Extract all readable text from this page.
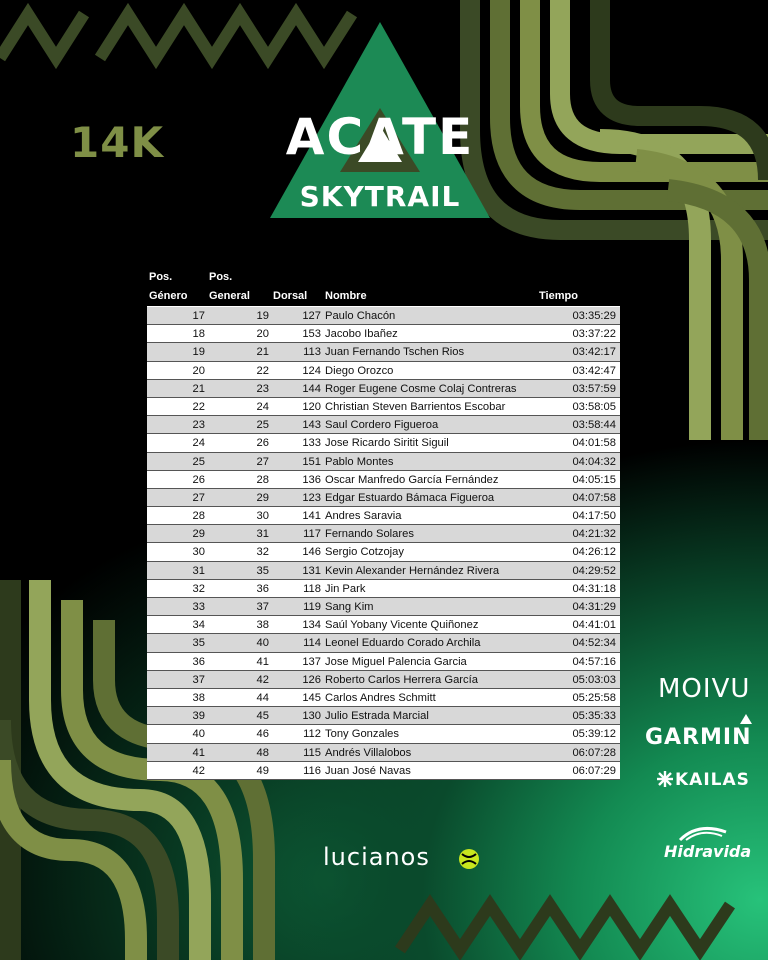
14K	ACATE
SKYTRAIL
Pos.
Género
Pos.
General Dorsal Nombre	Tiempo
17	19	127 Paulo Chacón	03:35:29
18	20	153 Jacobo Ibañez	03:37:22
19	21	113 Juan Fernando Tschen Rios	03:42:17
20	22	124 Diego Orozco	03:42:47
21	23	144 Roger Eugene Cosme Colaj Contreras	03:57:59
22	24	120 Christian Steven Barrientos Escobar	03:58:05
23	25	143 Saul Cordero Figueroa	03:58:44
24	26	133 Jose Ricardo Siritit Siguil	04:01:58
25	27	151 Pablo Montes	04:04:32
26	28	136 Oscar Manfredo García Fernández	04:05:15
27	29	123 Edgar Estuardo Bámaca Figueroa	04:07:58
28	30	141 Andres Saravia	04:17:50
29	31	117 Fernando Solares	04:21:32
30	32	146 Sergio Cotzojay	04:26:12
31	35	131 Kevin Alexander Hernández Rivera	04:29:52
32	36	118 Jin Park	04:31:18
33	37	119 Sang Kim	04:31:29
34	38	134 Saúl Yobany Vicente Quiñonez	04:41:01
35	40	114 Leonel Eduardo Corado Archila	04:52:34
36	41	137 Jose Miguel Palencia Garcia	04:57:16
37	42	126 Roberto Carlos Herrera García	05:03:03
38	44	145 Carlos Andres Schmitt	05:25:58
39	45	130 Julio Estrada Marcial	05:35:33
40	46	112 Tony Gonzales	05:39:12
41	48	115 Andrés Villalobos	06:07:28
42	49	116 Juan José Navas	06:07:29
MOIVU
GARMIN
KAILAS
Hidravida
lucianos
